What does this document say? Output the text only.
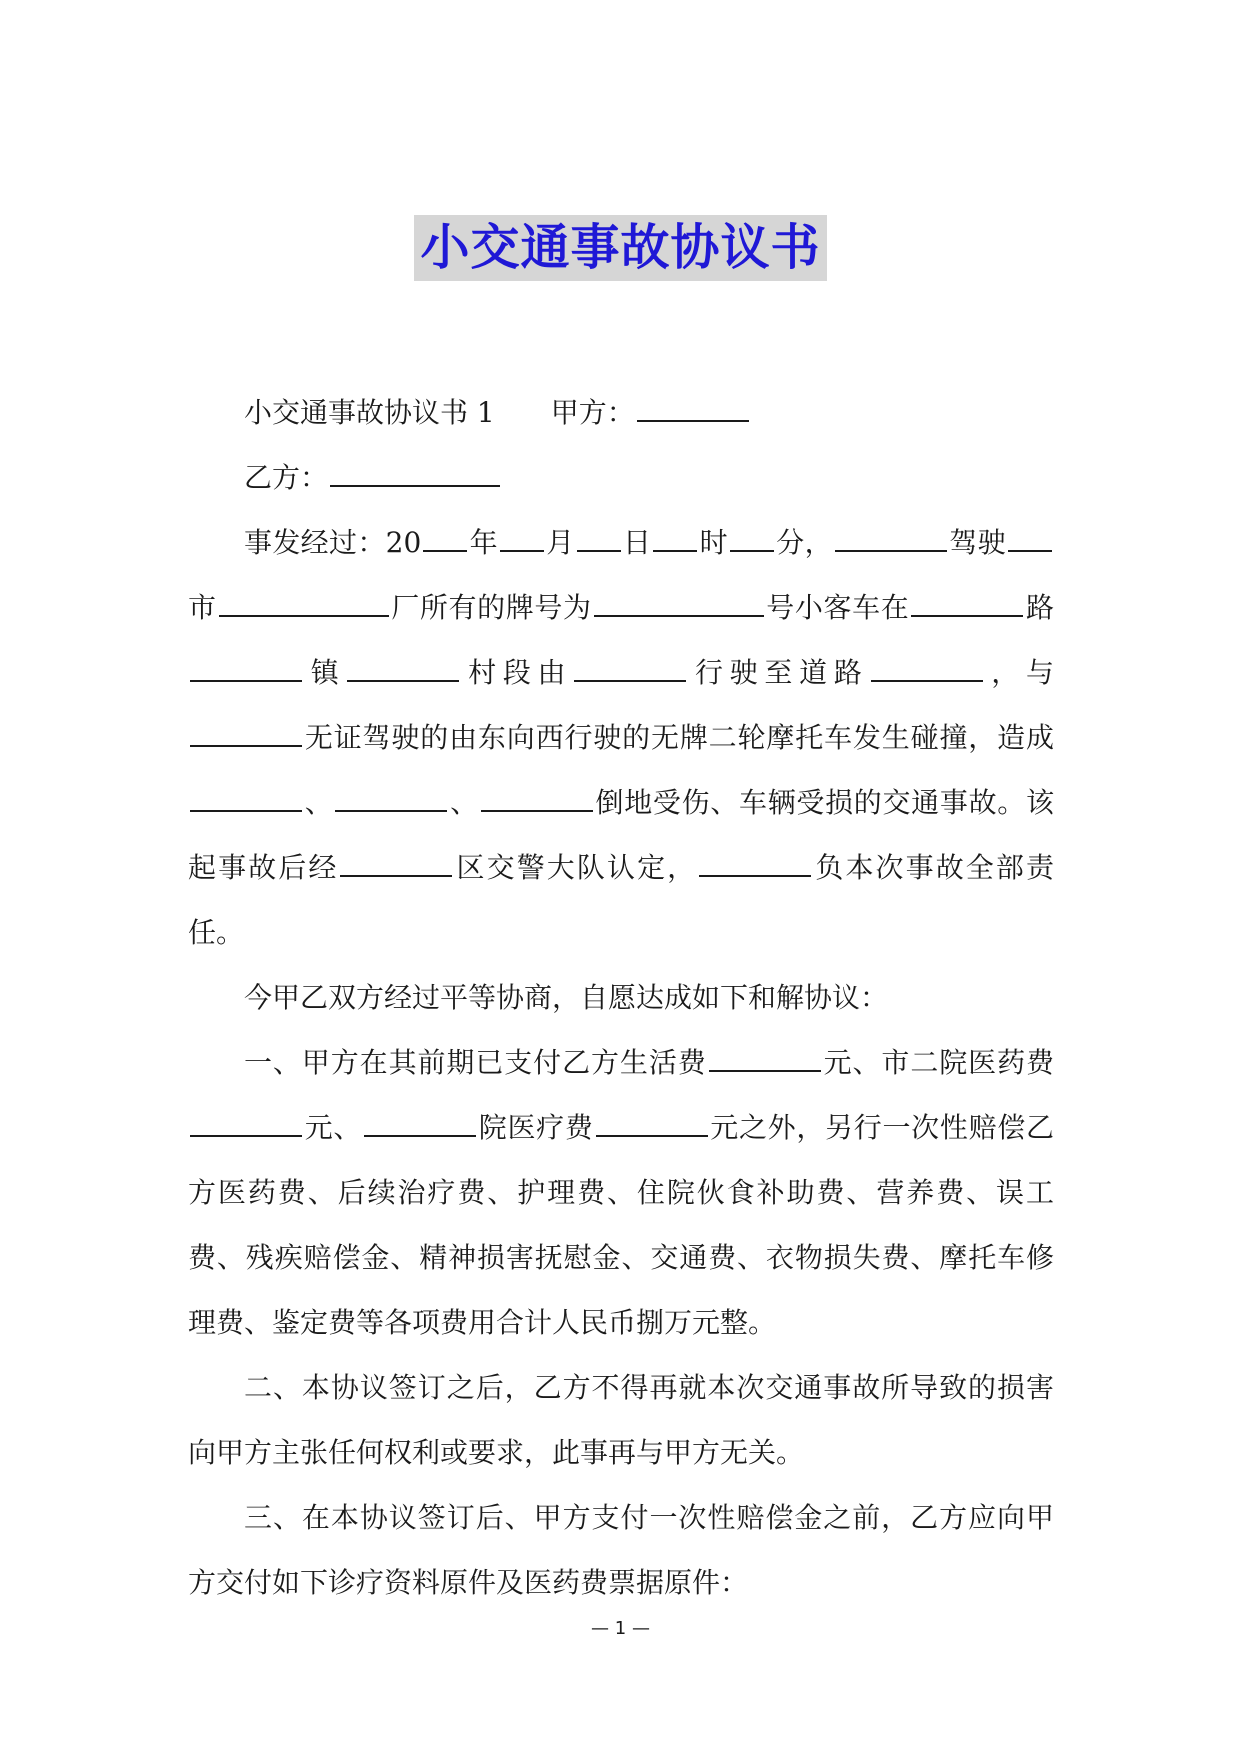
小交通事故协议书

小交通事故协议书 1 甲方：

乙方：

事发经过：20 年 月 日 时 分，	驾驶市	厂所有的牌号为	号小客车在	路镇	村段由	行驶至道路	，与无证驾驶的由东向西行驶的无牌二轮摩托车发生碰撞，造成、	、	倒地受伤、车辆受损的交通事故。该起事故后经	区交警大队认定，	负本次事故全部责任。

今甲乙双方经过平等协商，自愿达成如下和解协议：

一、甲方在其前期已支付乙方生活费	元、市二院医药费元、	院医疗费	元之外，另行一次性赔偿乙方医药费、后续治疗费、护理费、住院伙食补助费、营养费、误工费、残疾赔偿金、精神损害抚慰金、交通费、衣物损失费、摩托车修理费、鉴定费等各项费用合计人民币捌万元整。

二、本协议签订之后，乙方不得再就本次交通事故所导致的损害向甲方主张任何权利或要求，此事再与甲方无关。

三、在本协议签订后、甲方支付一次性赔偿金之前，乙方应向甲方交付如下诊疗资料原件及医药费票据原件：

— 1 —
